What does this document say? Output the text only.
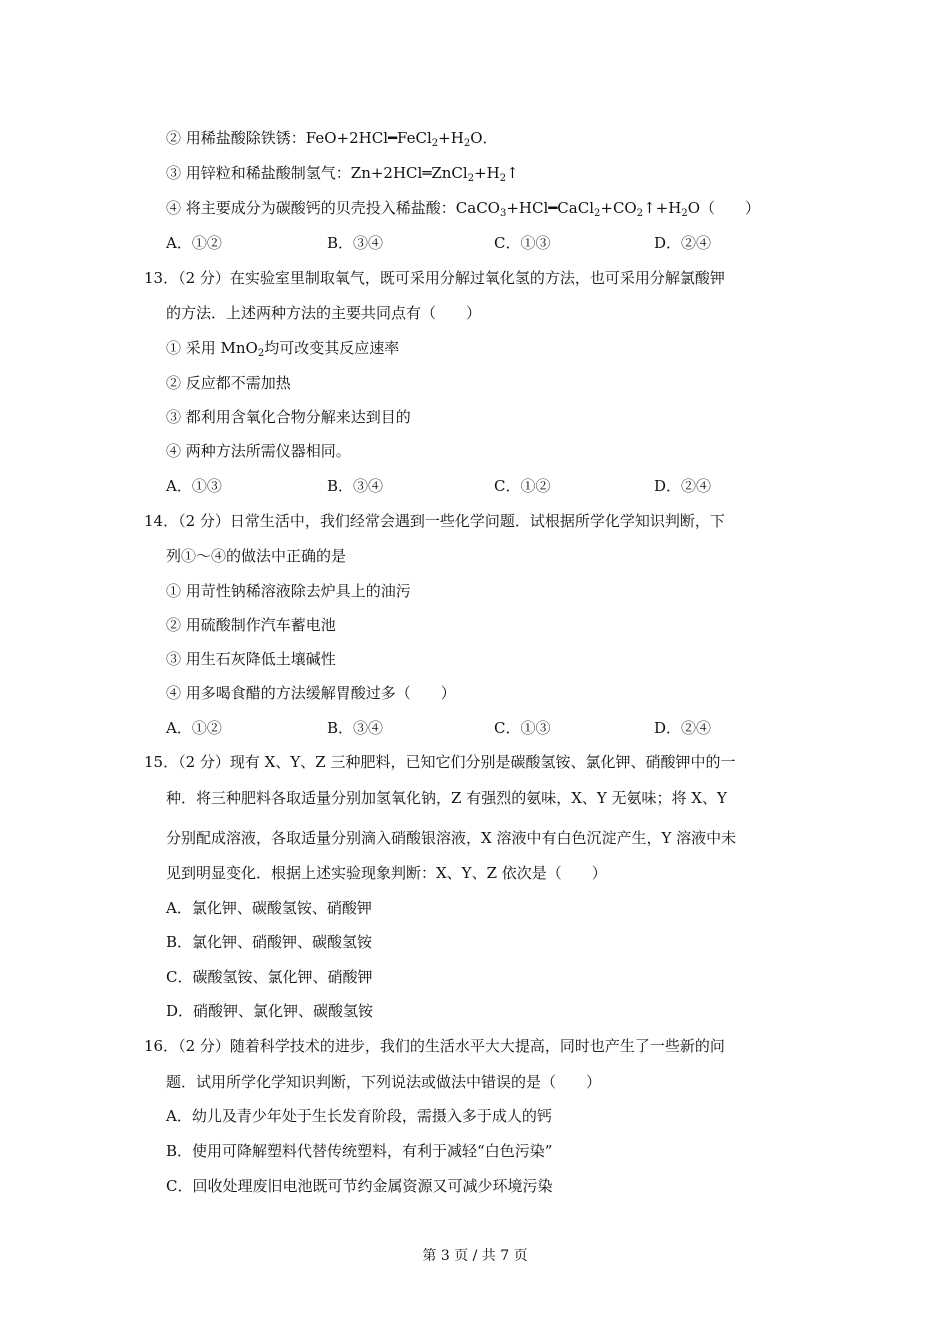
② 用稀盐酸除铁锈：$FeO+2HCl━FeCl_2+H_2O$．
③ 用锌粒和稀盐酸制氢气：$Zn+2HCl═ZnCl_2+H_2↑$
④ 将主要成分为碳酸钙的贝壳投入稀盐酸：$CaCO_3+HCl━CaCl_2+CO_2↑+H_2O$（　　）
A．①②	B．③④	C．①③	D．②④
13．（2 分）在实验室里制取氧气，既可采用分解过氧化氢的方法，也可采用分解氯酸钾
的方法．上述两种方法的主要共同点有（　　）
① 采用 MnO$_2$均可改变其反应速率
② 反应都不需加热
③ 都利用含氧化合物分解来达到目的
④ 两种方法所需仪器相同。
A．①③	B．③④	C．①②	D．②④
14．（2 分）日常生活中，我们经常会遇到一些化学问题．试根据所学化学知识判断，下
列①～④的做法中正确的是
① 用苛性钠稀溶液除去炉具上的油污
② 用硫酸制作汽车蓄电池
③ 用生石灰降低土壤碱性
④ 用多喝食醋的方法缓解胃酸过多（　　）
A．①②	B．③④	C．①③	D．②④
15．（2 分）现有 X、Y、Z 三种肥料，已知它们分别是碳酸氢铵、氯化钾、硝酸钾中的一
种．将三种肥料各取适量分别加氢氧化钠，Z 有强烈的氨味，X、Y 无氨味；将 X、Y
分别配成溶液，各取适量分别滴入硝酸银溶液，X 溶液中有白色沉淀产生，Y 溶液中未
见到明显变化．根据上述实验现象判断：X、Y、Z 依次是（　　）
A．氯化钾、碳酸氢铵、硝酸钾
B．氯化钾、硝酸钾、碳酸氢铵
C．碳酸氢铵、氯化钾、硝酸钾
D．硝酸钾、氯化钾、碳酸氢铵
16．（2 分）随着科学技术的进步，我们的生活水平大大提高，同时也产生了一些新的问
题．试用所学化学知识判断，下列说法或做法中错误的是（　　）
A．幼儿及青少年处于生长发育阶段，需摄入多于成人的钙
B．使用可降解塑料代替传统塑料，有利于减轻“白色污染”
C．回收处理废旧电池既可节约金属资源又可减少环境污染
第 3 页 / 共 7 页
